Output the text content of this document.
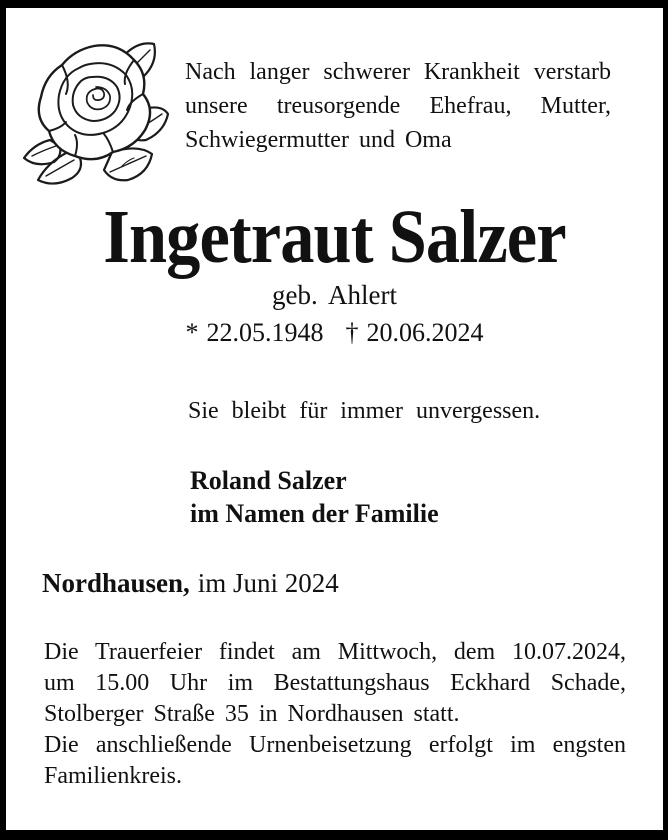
Nach langer schwerer Krankheit verstarb
unsere treusorgende Ehefrau, Mutter,
Schwiegermutter und Oma
Ingetraut Salzer
geb. Ahlert
* 22.05.1948 † 20.06.2024
Sie bleibt für immer unvergessen.
Roland Salzer
im Namen der Familie
Nordhausen, im Juni 2024
Die Trauerfeier findet am Mittwoch, dem 10.07.2024,
um 15.00 Uhr im Bestattungshaus Eckhard Schade,
Stolberger Straße 35 in Nordhausen statt.
Die anschließende Urnenbeisetzung erfolgt im engsten
Familienkreis.
